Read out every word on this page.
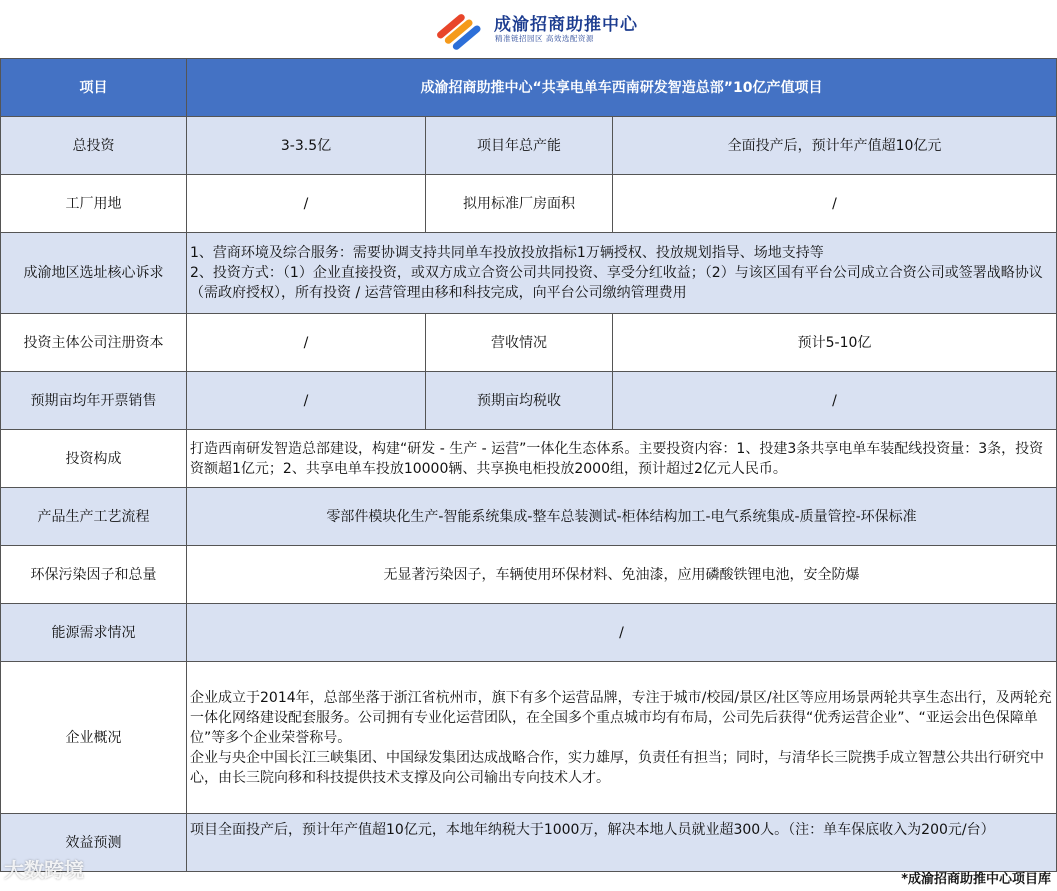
成渝招商助推中心
精准链招园区 高效选配资源
项目	成渝招商助推中心“共享电单车西南研发智造总部”10亿产值项目		
总投资	3-3.5亿	项目年总产能	全面投产后，预计年产值超10亿元
工厂用地	/	拟用标准厂房面积	/
成渝地区选址核心诉求	1、营商环境及综合服务：需要协调支持共同单车投放投放指标1万辆授权、投放规划指导、场地支持等
2、投资方式：（1）企业直接投资，或双方成立合资公司共同投资、享受分红收益；（2）与该区国有平台公司成立合资公司或签署战略协议（需政府授权），所有投资 / 运营管理由移和科技完成，向平台公司缴纳管理费用		

投资主体公司注册资本	/	营收情况	预计5-10亿
预期亩均年开票销售	/	预期亩均税收	/
投资构成	打造西南研发智造总部建设，构建“研发 - 生产 - 运营”一体化生态体系。主要投资内容：1、投建3条共享电单车装配线投资量：3条，投资资额超1亿元；2、共享电单车投放10000辆、共享换电柜投放2000组，预计超过2亿元人民币。		
产品生产工艺流程	零部件模块化生产-智能系统集成-整车总装测试-柜体结构加工-电气系统集成-质量管控-环保标准		
环保污染因子和总量	无显著污染因子，车辆使用环保材料、免油漆，应用磷酸铁锂电池，安全防爆		
能源需求情况	/		
企业概况	企业成立于2014年，总部坐落于浙江省杭州市，旗下有多个运营品牌，专注于城市/校园/景区/社区等应用场景两轮共享生态出行，及两轮充一体化网络建设配套服务。公司拥有专业化运营团队，在全国多个重点城市均有布局，公司先后获得“优秀运营企业”、“亚运会出色保障单位”等多个企业荣誉称号。
企业与央企中国长江三峡集团、中国绿发集团达成战略合作，实力雄厚，负责任有担当；同时，与清华长三院携手成立智慧公共出行研究中心，由长三院向移和科技提供技术支撑及向公司输出专向技术人才。		

效益预测	项目全面投产后，预计年产值超10亿元，本地年纳税大于1000万，解决本地人员就业超300人。（注：单车保底收入为200元/台）		
大数跨境	*成渝招商助推中心项目库
